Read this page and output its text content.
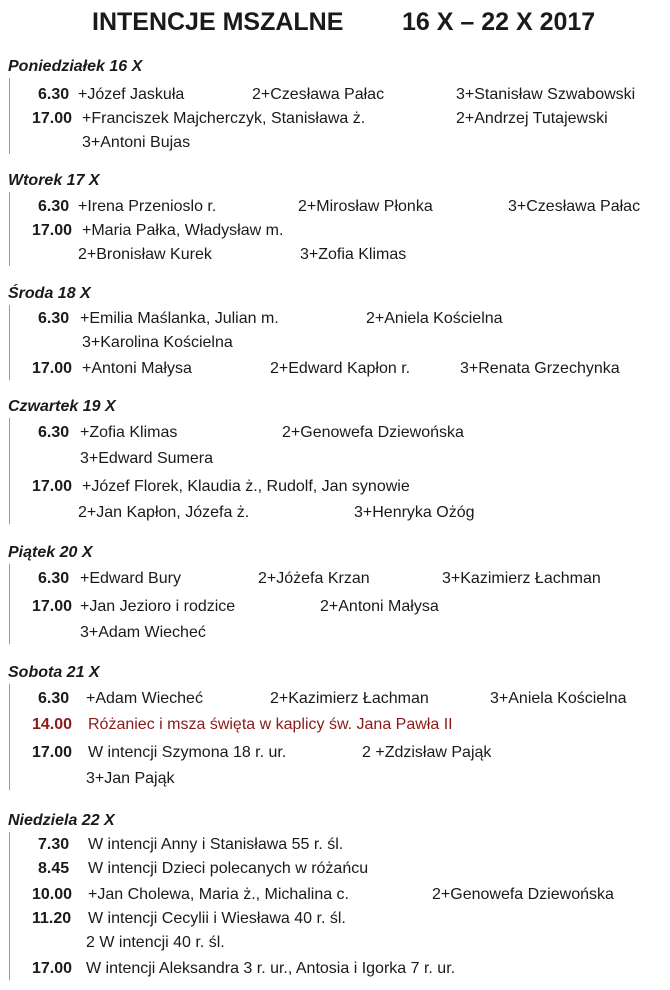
INTENCJE MSZALNE 16 X – 22 X 2017
Poniedziałek 16 X
6.30 +Józef Jaskuła	2+Czesława Pałac	3+Stanisław Szwabowski
17.00 +Franciszek Majcherczyk, Stanisława ż.	2+Andrzej Tutajewski
3+Antoni Bujas
Wtorek 17 X
6.30 +Irena Przenioslo r.	2+Mirosław Płonka	3+Czesława Pałac
17.00 +Maria Pałka, Władysław m.
2+Bronisław Kurek	3+Zofia Klimas
Środa 18 X
6.30 +Emilia Maślanka, Julian m.	2+Aniela Kościelna
3+Karolina Kościelna
17.00 +Antoni Małysa	2+Edward Kapłon r.	3+Renata Grzechynka
Czwartek 19 X
6.30 +Zofia Klimas	2+Genowefa Dziewońska
3+Edward Sumera
17.00 +Józef Florek, Klaudia ż., Rudolf, Jan synowie
2+Jan Kapłon, Józefa ż.	3+Henryka Ożóg
Piątek 20 X
6.30 +Edward Bury	2+Jóżefa Krzan	3+Kazimierz Łachman
17.00 +Jan Jezioro i rodzice	2+Antoni Małysa
3+Adam Wiecheć
Sobota 21 X
6.30 +Adam Wiecheć	2+Kazimierz Łachman	3+Aniela Kościelna
14.00 Różaniec i msza święta w kaplicy św. Jana Pawła II
17.00 W intencji Szymona 18 r. ur.	2 +Zdzisław Pająk
3+Jan Pająk
Niedziela 22 X
7.30 W intencji Anny i Stanisława 55 r. śl.
8.45 W intencji Dzieci polecanych w różańcu
10.00 +Jan Cholewa, Maria ż., Michalina c.	2+Genowefa Dziewońska
11.20 W intencji Cecylii i Wiesława 40 r. śl.
2 W intencji 40 r. śl.
17.00 W intencji Aleksandra 3 r. ur., Antosia i Igorka 7 r. ur.
